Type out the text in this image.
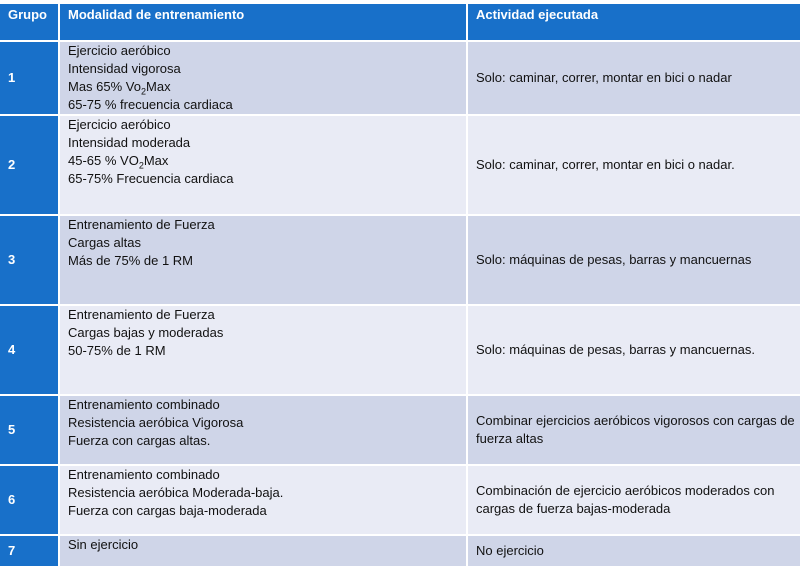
Grupo	Modalidad de entrenamiento	Actividad ejecutada
1	Ejercicio aeróbico
Intensidad vigorosa
Mas 65% $Vo_2Max$
65-75 % frecuencia cardiaca	Solo: caminar, correr, montar en bici o nadar
2	Ejercicio aeróbico
Intensidad moderada
45-65 % $VO_2Max$
65-75% Frecuencia cardiaca	Solo: caminar, correr, montar en bici o nadar.
3	Entrenamiento de Fuerza
Cargas altas
Más de 75% de 1 RM	Solo: máquinas de pesas, barras y mancuernas
4	Entrenamiento de Fuerza
Cargas bajas y moderadas
50-75% de 1 RM	Solo: máquinas de pesas, barras y mancuernas.
5	Entrenamiento combinado
Resistencia aeróbica Vigorosa
Fuerza con cargas altas.	Combinar ejercicios aeróbicos vigorosos con cargas de fuerza altas
6	Entrenamiento combinado
Resistencia aeróbica Moderada-baja.
Fuerza con cargas baja-moderada	Combinación de ejercicio aeróbicos moderados con cargas de fuerza bajas-moderada
7	Sin ejercicio	No ejercicio
